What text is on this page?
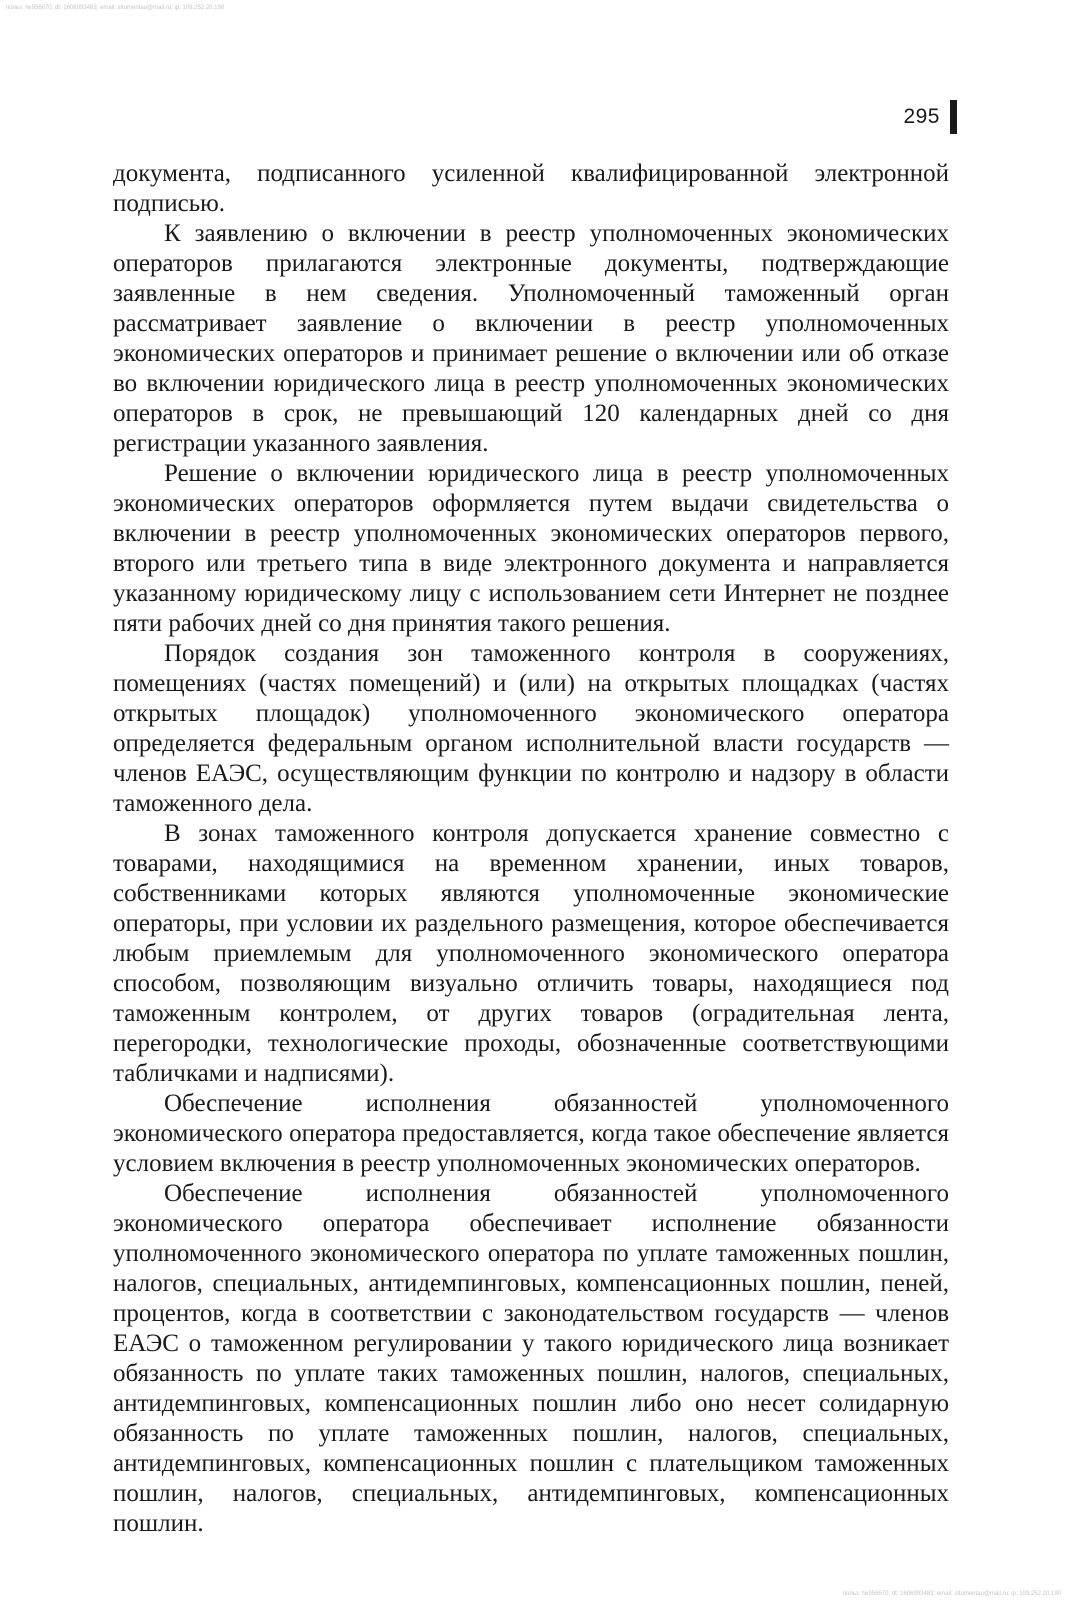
польз. №956670; dt: 1606993483; email: sltumentau@mail.ru; ip: 109.252.20.190
295

документа, подписанного усиленной квалифицированной электронной подписью.

К заявлению о включении в реестр уполномоченных экономических операторов прилагаются электронные документы, подтверждающие заявленные в нем сведения. Уполномоченный таможенный орган рассматривает заявление о включении в реестр уполномоченных экономических операторов и принимает решение о включении или об отказе во включении юридического лица в реестр уполномоченных экономических операторов в срок, не превышающий 120 календарных дней со дня регистрации указанного заявления.

Решение о включении юридического лица в реестр уполномоченных экономических операторов оформляется путем выдачи свидетельства о включении в реестр уполномоченных экономических операторов первого, второго или третьего типа в виде электронного документа и направляется указанному юридическому лицу с использованием сети Интернет не позднее пяти рабочих дней со дня принятия такого решения.

Порядок создания зон таможенного контроля в сооружениях, помещениях (частях помещений) и (или) на открытых площадках (частях открытых площадок) уполномоченного экономического оператора определяется федеральным органом исполнительной власти государств — членов ЕАЭС, осуществляющим функции по контролю и надзору в области таможенного дела.

В зонах таможенного контроля допускается хранение совместно с товарами, находящимися на временном хранении, иных товаров, собственниками которых являются уполномоченные экономические операторы, при условии их раздельного размещения, которое обеспечивается любым приемлемым для уполномоченного экономического оператора способом, позволяющим визуально отличить товары, находящиеся под таможенным контролем, от других товаров (оградительная лента, перегородки, технологические проходы, обозначенные соответствующими табличками и надписями).

Обеспечение исполнения обязанностей уполномоченного экономического оператора предоставляется, когда такое обеспечение является условием включения в реестр уполномоченных экономических операторов.

Обеспечение исполнения обязанностей уполномоченного экономического оператора обеспечивает исполнение обязанности уполномоченного экономического оператора по уплате таможенных пошлин, налогов, специальных, антидемпинговых, компенсационных пошлин, пеней, процентов, когда в соответствии с законодательством государств — членов ЕАЭС о таможенном регулировании у такого юридического лица возникает обязанность по уплате таких таможенных пошлин, налогов, специальных, антидемпинговых, компенсационных пошлин либо оно несет солидарную обязанность по уплате таможенных пошлин, налогов, специальных, антидемпинговых, компенсационных пошлин с плательщиком таможенных пошлин, налогов, специальных, антидемпинговых, компенсационных пошлин.

польз. №956670; dt: 1606993483; email: sltumentau@mail.ru; ip: 109.252.20.190
